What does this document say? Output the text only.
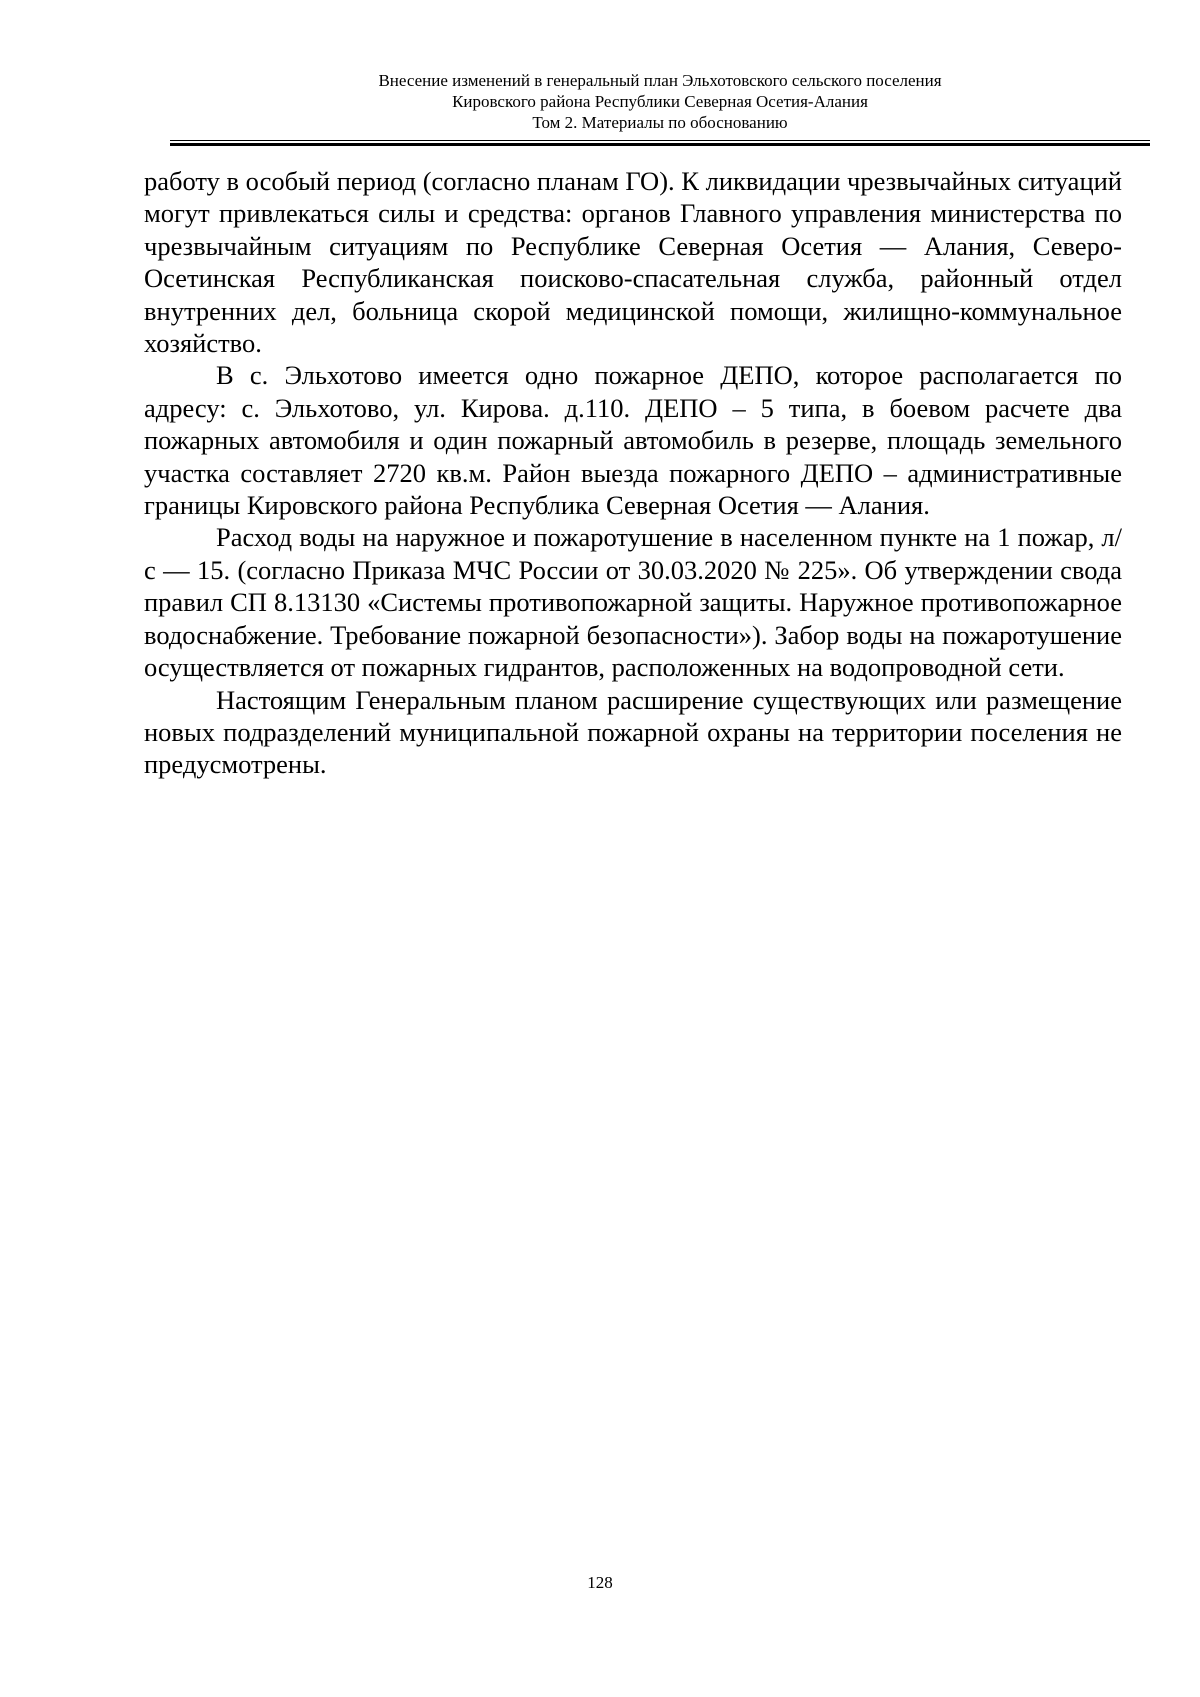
Внесение изменений в генеральный план Эльхотовского сельского поселения
Кировского района Республики Северная Осетия-Алания
Том 2. Материалы по обоснованию

работу в особый период (согласно планам ГО). К ликвидации чрезвычайных ситуаций могут привлекаться силы и средства: органов Главного управления министерства по чрезвычайным ситуациям по Республике Северная Осетия — Алания, Северо-Осетинская Республиканская поисково-спасательная служба, районный отдел внутренних дел, больница скорой медицинской помощи, жилищно-коммунальное хозяйство.

В с. Эльхотово имеется одно пожарное ДЕПО, которое располагается по адресу: с. Эльхотово, ул. Кирова. д.110. ДЕПО – 5 типа, в боевом расчете два пожарных автомобиля и один пожарный автомобиль в резерве, площадь земельного участка составляет 2720 кв.м. Район выезда пожарного ДЕПО – административные границы Кировского района Республика Северная Осетия — Алания.

Расход воды на наружное и пожаротушение в населенном пункте на 1 пожар, л/с — 15. (согласно Приказа МЧС России от 30.03.2020 № 225». Об утверждении свода правил СП 8.13130 «Системы противопожарной защиты. Наружное противопожарное водоснабжение. Требование пожарной безопасности»). Забор воды на пожаротушение осуществляется от пожарных гидрантов, расположенных на водопроводной сети.

Настоящим Генеральным планом расширение существующих или размещение новых подразделений муниципальной пожарной охраны на территории поселения не предусмотрены.

128
